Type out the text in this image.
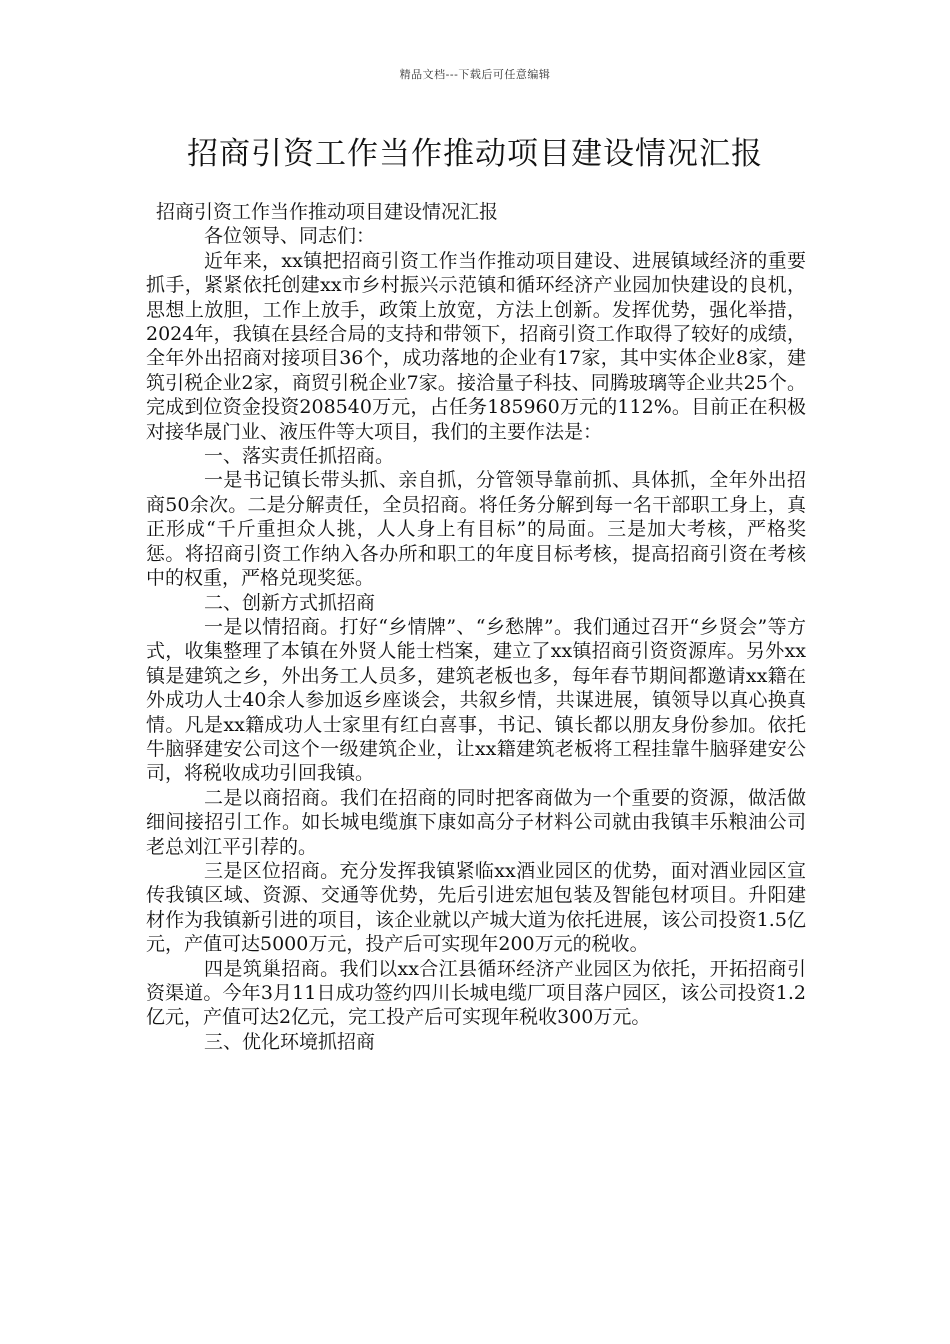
精品文档---下载后可任意编辑
招商引资工作当作推动项目建设情况汇报

招商引资工作当作推动项目建设情况汇报

各位领导、同志们：

近年来，xx镇把招商引资工作当作推动项目建设、进展镇域经济的重要抓手，紧紧依托创建xx市乡村振兴示范镇和循环经济产业园加快建设的良机，思想上放胆，工作上放手，政策上放宽，方法上创新。发挥优势，强化举措，2024年，我镇在县经合局的支持和带领下，招商引资工作取得了较好的成绩，全年外出招商对接项目36个，成功落地的企业有17家，其中实体企业8家，建筑引税企业2家，商贸引税企业7家。接洽量子科技、同腾玻璃等企业共25个。完成到位资金投资208540万元，占任务185960万元的112%。目前正在积极对接华晟门业、液压件等大项目，我们的主要作法是：

一、落实责任抓招商。

一是书记镇长带头抓、亲自抓，分管领导靠前抓、具体抓，全年外出招商50余次。二是分解责任，全员招商。将任务分解到每一名干部职工身上，真正形成“千斤重担众人挑，人人身上有目标”的局面。三是加大考核，严格奖惩。将招商引资工作纳入各办所和职工的年度目标考核，提高招商引资在考核中的权重，严格兑现奖惩。

二、创新方式抓招商

一是以情招商。打好“乡情牌”、“乡愁牌”。我们通过召开“乡贤会”等方式，收集整理了本镇在外贤人能士档案，建立了xx镇招商引资资源库。另外xx镇是建筑之乡，外出务工人员多，建筑老板也多，每年春节期间都邀请xx籍在外成功人士40余人参加返乡座谈会，共叙乡情，共谋进展，镇领导以真心换真情。凡是xx籍成功人士家里有红白喜事，书记、镇长都以朋友身份参加。依托牛脑驿建安公司这个一级建筑企业，让xx籍建筑老板将工程挂靠牛脑驿建安公司，将税收成功引回我镇。

二是以商招商。我们在招商的同时把客商做为一个重要的资源，做活做细间接招引工作。如长城电缆旗下康如高分子材料公司就由我镇丰乐粮油公司老总刘江平引荐的。

三是区位招商。充分发挥我镇紧临xx酒业园区的优势，面对酒业园区宣传我镇区域、资源、交通等优势，先后引进宏旭包装及智能包材项目。升阳建材作为我镇新引进的项目，该企业就以产城大道为依托进展，该公司投资1.5亿元，产值可达5000万元，投产后可实现年200万元的税收。

四是筑巢招商。我们以xx合江县循环经济产业园区为依托，开拓招商引资渠道。今年3月11日成功签约四川长城电缆厂项目落户园区，该公司投资1.2亿元，产值可达2亿元，完工投产后可实现年税收300万元。

三、优化环境抓招商
